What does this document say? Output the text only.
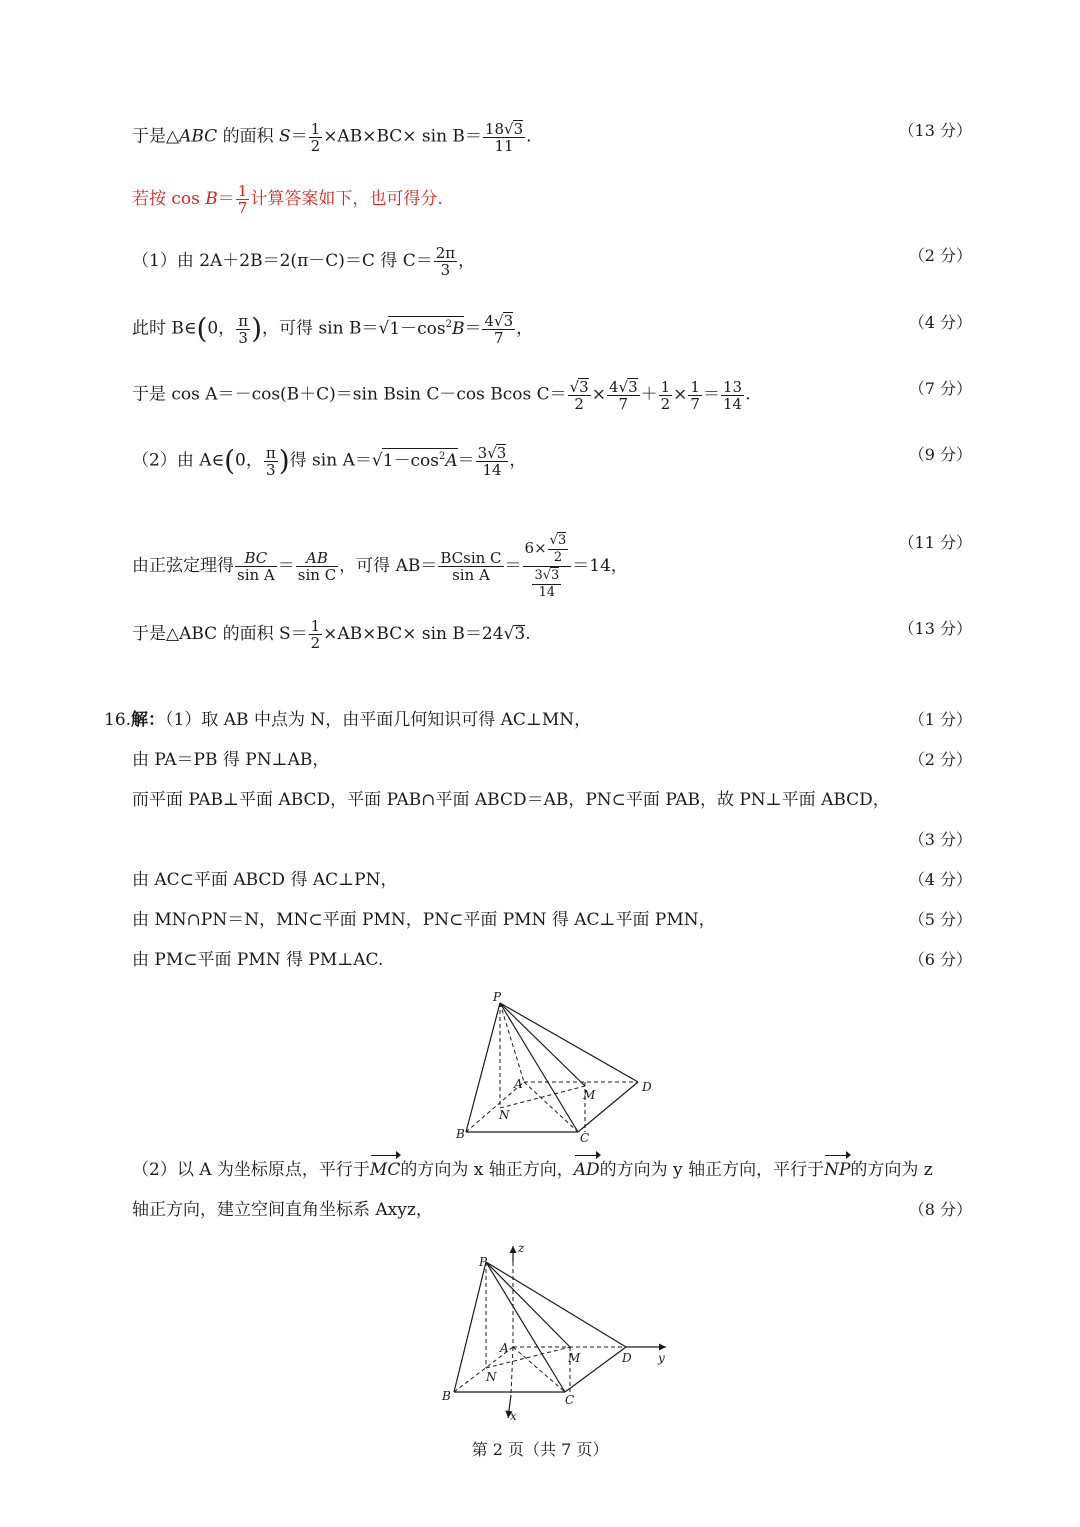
于是△ABC 的面积 $S= \frac{1}{2} \times AB\times BC\times \sin B= \frac{18√3}{11}$ .	（13 分）
若按 $\cos B= \frac{1}{7}$ 计算答案如下，也可得分.
（1）由 2A＋2B＝2(π－C)＝C 得 $C= \frac{2\pi}{3}$ ，	（2 分）
此时 B∈(0， $\frac{\pi}{3}$ )，可得 $\sin B=√1-\cos^2B= \frac{4√3}{7}$ ，	（4 分）
于是 cos A＝－cos(B＋C)＝sin Bsin C－cos Bcos $C= \frac{√3}{2} \times \frac{4√3}{7} + \frac{1}{2} \times \frac{1}{7} = \frac{13}{14}$ .	（7 分）
（2）由 A∈(0， $\frac{\pi}{3}$ )得 $\sin A=√1-\cos^2A= \frac{3√3}{14}$ ，	（9 分）
由正弦定理得 $\frac{BC}{\text{sin A}} = \frac{AB}{\text{sin C}}$ ，可得 $AB= \frac{\text{BCsin C}}{\text{sin A}} = \frac{6\times \frac{√3}{2}}{\frac{3√3}{14}} =14$，
（11 分）
于是△ABC 的面积 $S= \frac{1}{2} \times AB\times BC\times \sin B=24√3$.	（13 分）
16.解：（1）取 AB 中点为 N，由平面几何知识可得 AC⊥MN，	（1 分）
由 PA＝PB 得 PN⊥AB，	（2 分）
而平面 PAB⊥平面 ABCD，平面 PAB∩平面 ABCD＝AB，PN⊂平面 PAB，故 PN⊥平面 ABCD，
（3 分）
由 AC⊂平面 ABCD 得 AC⊥PN，	（4 分）
由 MN∩PN＝N，MN⊂平面 PMN，PN⊂平面 PMN 得 AC⊥平面 PMN，	（5 分）
由 PM⊂平面 PMN 得 PM⊥AC.	（6 分）
P
A
M
D
N
B	C
（2）以 A 为坐标原点，平行于MC的方向为 x 轴正方向，AD的方向为 y 轴正方向，平行于NP的方向为 z
轴正方向，建立空间直角坐标系 Axyz，	（8 分）
P
A
M	D
N
B	C
x
y
z
第 2 页（共 7 页）
